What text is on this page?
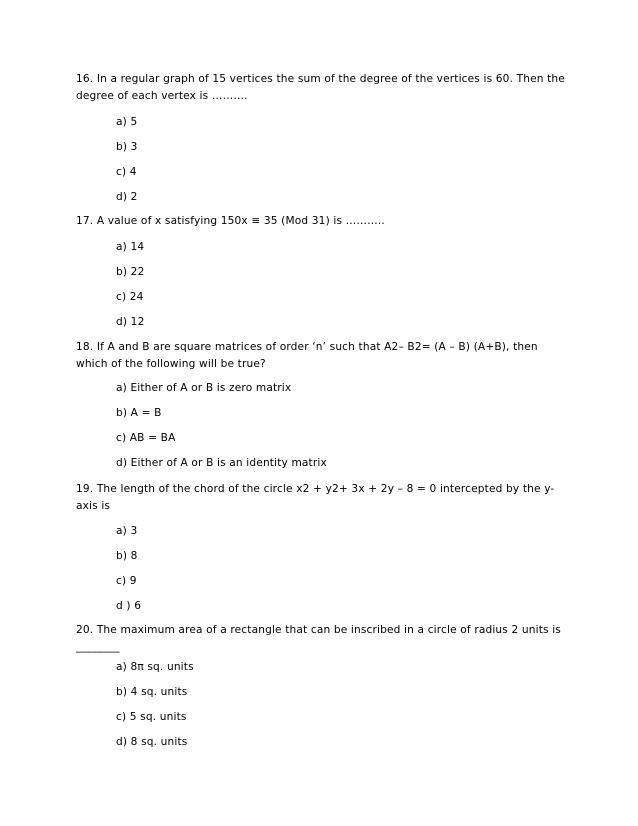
16. In a regular graph of 15 vertices the sum of the degree of the vertices is 60. Then the degree of each vertex is ……….

a) 5

b) 3

c) 4

d) 2

17. A value of x satisfying 150x ≡ 35 (Mod 31) is ………..

a) 14

b) 22

c) 24

d) 12

18. If A and B are square matrices of order ‘n’ such that A2– B2= (A – B) (A+B), then which of the following will be true?

a) Either of A or B is zero matrix

b) A = B

c) AB = BA

d) Either of A or B is an identity matrix

19. The length of the chord of the circle x2 + y2+ 3x + 2y – 8 = 0 intercepted by the y-axis is

a) 3

b) 8

c) 9

d ) 6

20. The maximum area of a rectangle that can be inscribed in a circle of radius 2 units is ________

a) 8π sq. units

b) 4 sq. units

c) 5 sq. units

d) 8 sq. units
